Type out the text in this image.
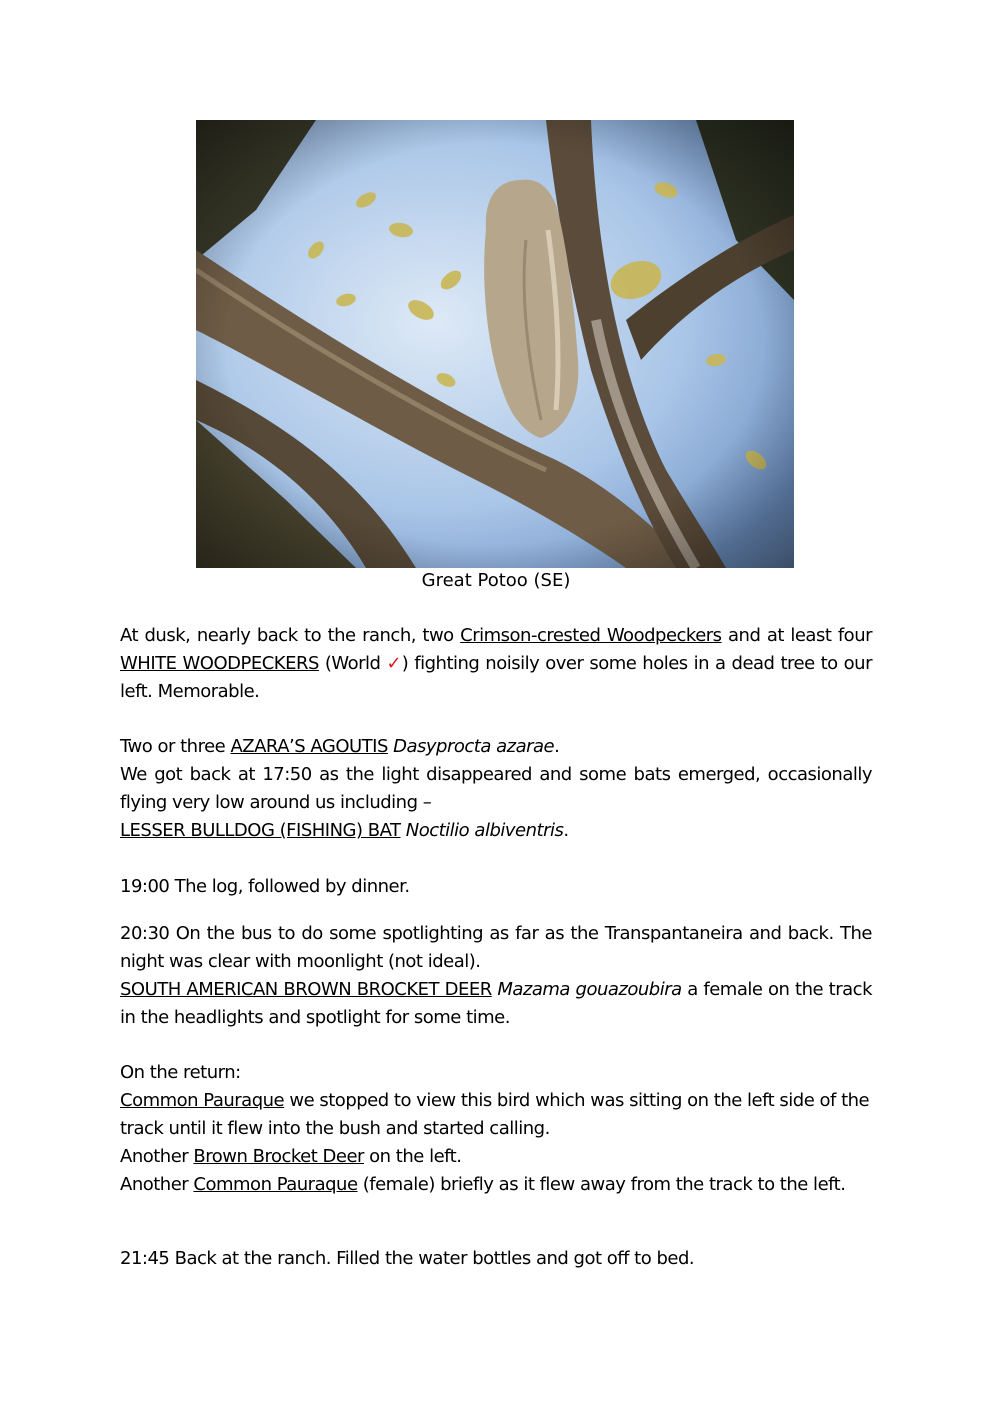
Great Potoo (SE)

At dusk, nearly back to the ranch, two Crimson-crested Woodpeckers and at least four WHITE WOODPECKERS (World ✓) fighting noisily over some holes in a dead tree to our left. Memorable.

Two or three AZARA’S AGOUTIS Dasyprocta azarae.

We got back at 17:50 as the light disappeared and some bats emerged, occasionally flying very low around us including –

LESSER BULLDOG (FISHING) BAT Noctilio albiventris.

19:00 The log, followed by dinner.

20:30 On the bus to do some spotlighting as far as the Transpantaneira and back. The night was clear with moonlight (not ideal).

SOUTH AMERICAN BROWN BROCKET DEER Mazama gouazoubira a female on the track in the headlights and spotlight for some time.

On the return:

Common Pauraque we stopped to view this bird which was sitting on the left side of the track until it flew into the bush and started calling.

Another Brown Brocket Deer on the left.

Another Common Pauraque (female) briefly as it flew away from the track to the left.

21:45 Back at the ranch. Filled the water bottles and got off to bed.
